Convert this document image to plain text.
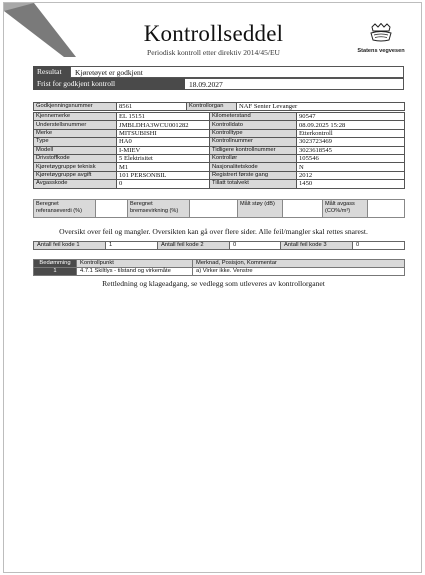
Kontrollseddel
Periodisk kontroll etter direktiv 2014/45/EU	Statens vegvesen
Resultat	Kjøretøyet er godkjent
Frist for godkjent kontroll	18.09.2027
Godkjenningsnummer	8561	Kontrollorgan	NAF Senter Levanger
Kjennemerke	EL 15151	Kilometerstand	90547
Understellsnummer	JMBLDHA3WCU001282	Kontrolldato	08.09.2025 15:28
Merke	MITSUBISHI	Kontrolltype	Etterkontroll
Type	HA0	Kontrollnummer	3023723469
Modell	I-MIEV	Tidligere kontrollnummer	3023618545
Drivstoffkode	5 Elektrisitet	Kontrollør	105546
Kjøretøygruppe teknisk	M1	Nasjonalitetskode	N
Kjøretøygruppe avgift	101 PERSONBIL	Registrert første gang	2012
Avgasskode	0	Tillatt totalvekt	1450
Beregnet referanseverdi (%)		Beregnet bremsevirkning (%)		Målt støy (dB)		Målt avgass (CO%/m³)	
Oversikt over feil og mangler. Oversikten kan gå over flere sider. Alle feil/mangler skal rettes snarest.
Antall feil kode 1	1	Antall feil kode 2	0	Antall feil kode 3	0
Bedømming	Kontrollpunkt	Merknad, Posisjon, Kommentar
1	4.7.1 Skiltlys - tilstand og virkemåte	a) Virker ikke. Venstre
Rettledning og klageadgang, se vedlegg som utleveres av kontrollorganet
